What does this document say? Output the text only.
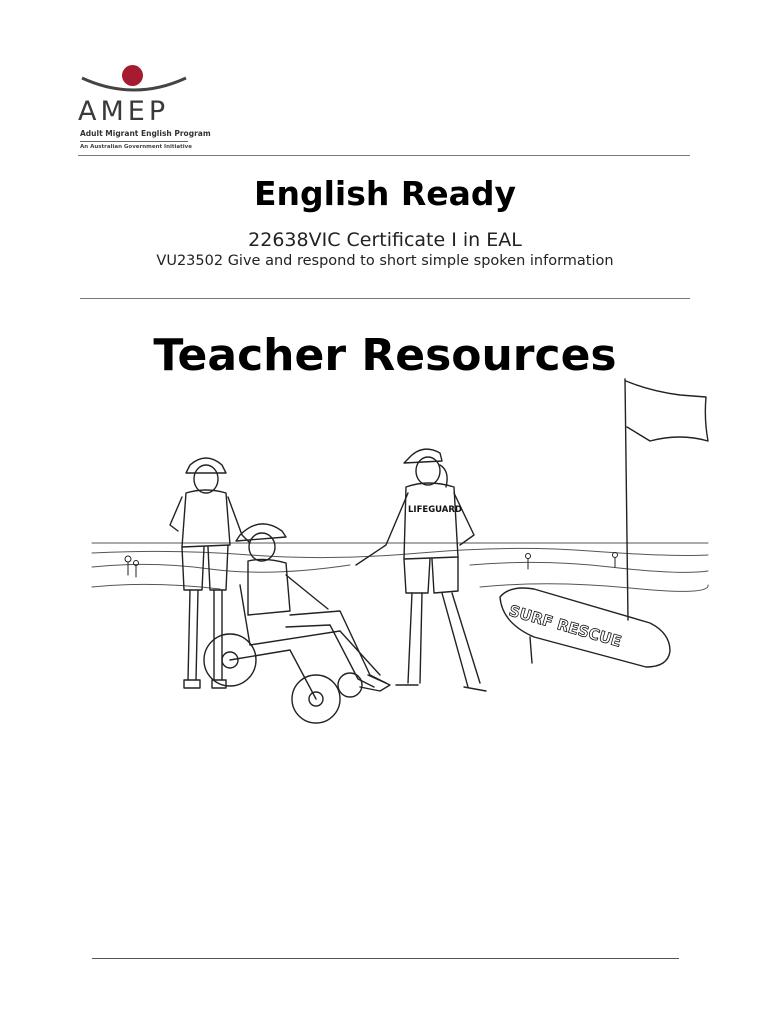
AMEP
Adult Migrant English Program
An Australian Government Initiative
English Ready
22638VIC Certificate I in EAL
VU23502 Give and respond to short simple spoken information
Teacher Resources
LIFEGUARD
SURF RESCUE
